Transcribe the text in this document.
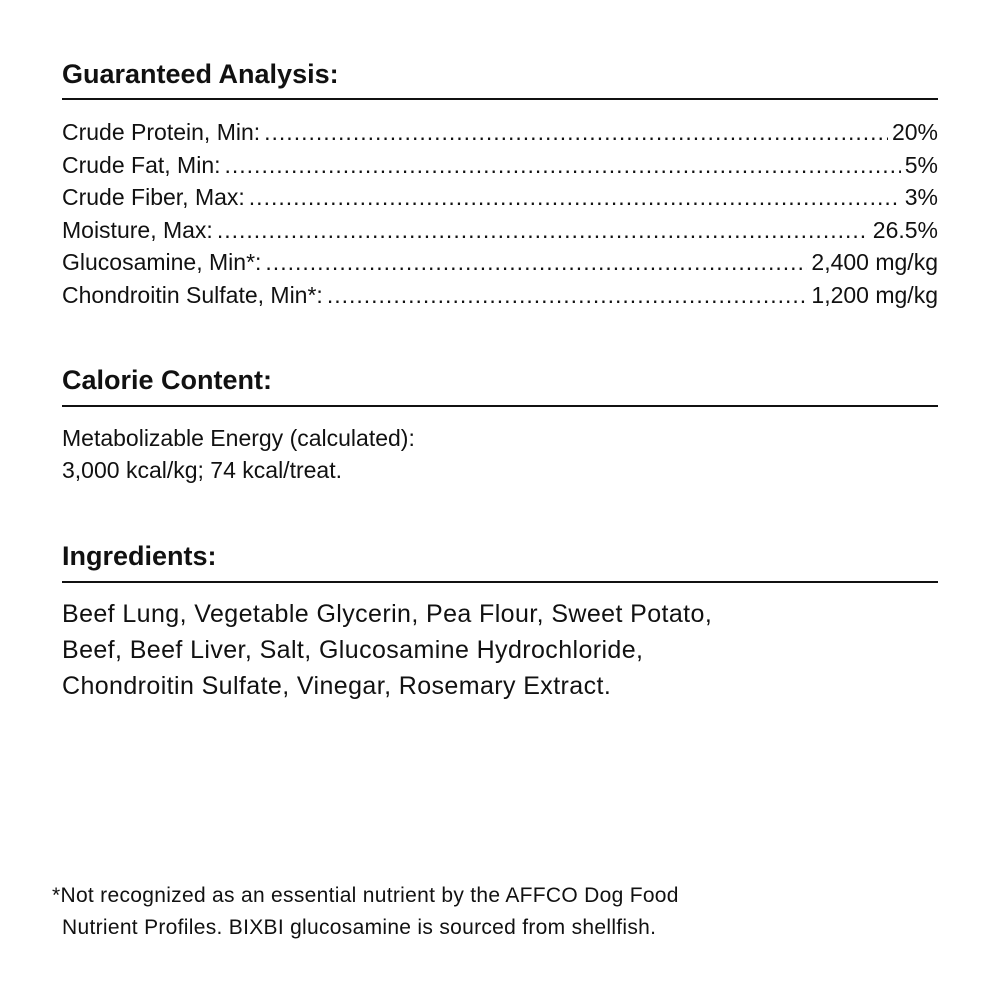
Guaranteed Analysis:
Crude Protein, Min: .....	20%
Crude Fat, Min: .....	5%
Crude Fiber, Max: .....	3%
Moisture, Max: .....	26.5%
Glucosamine, Min*: .....	2,400 mg/kg
Chondroitin Sulfate, Min*: .....	1,200 mg/kg
Calorie Content:
Metabolizable Energy (calculated):
3,000 kcal/kg; 74 kcal/treat.
Ingredients:
Beef Lung, Vegetable Glycerin, Pea Flour, Sweet Potato,
Beef, Beef Liver, Salt, Glucosamine Hydrochloride,
Chondroitin Sulfate, Vinegar, Rosemary Extract.
*Not recognized as an essential nutrient by the AFFCO Dog Food
Nutrient Profiles. BIXBI glucosamine is sourced from shellfish.
